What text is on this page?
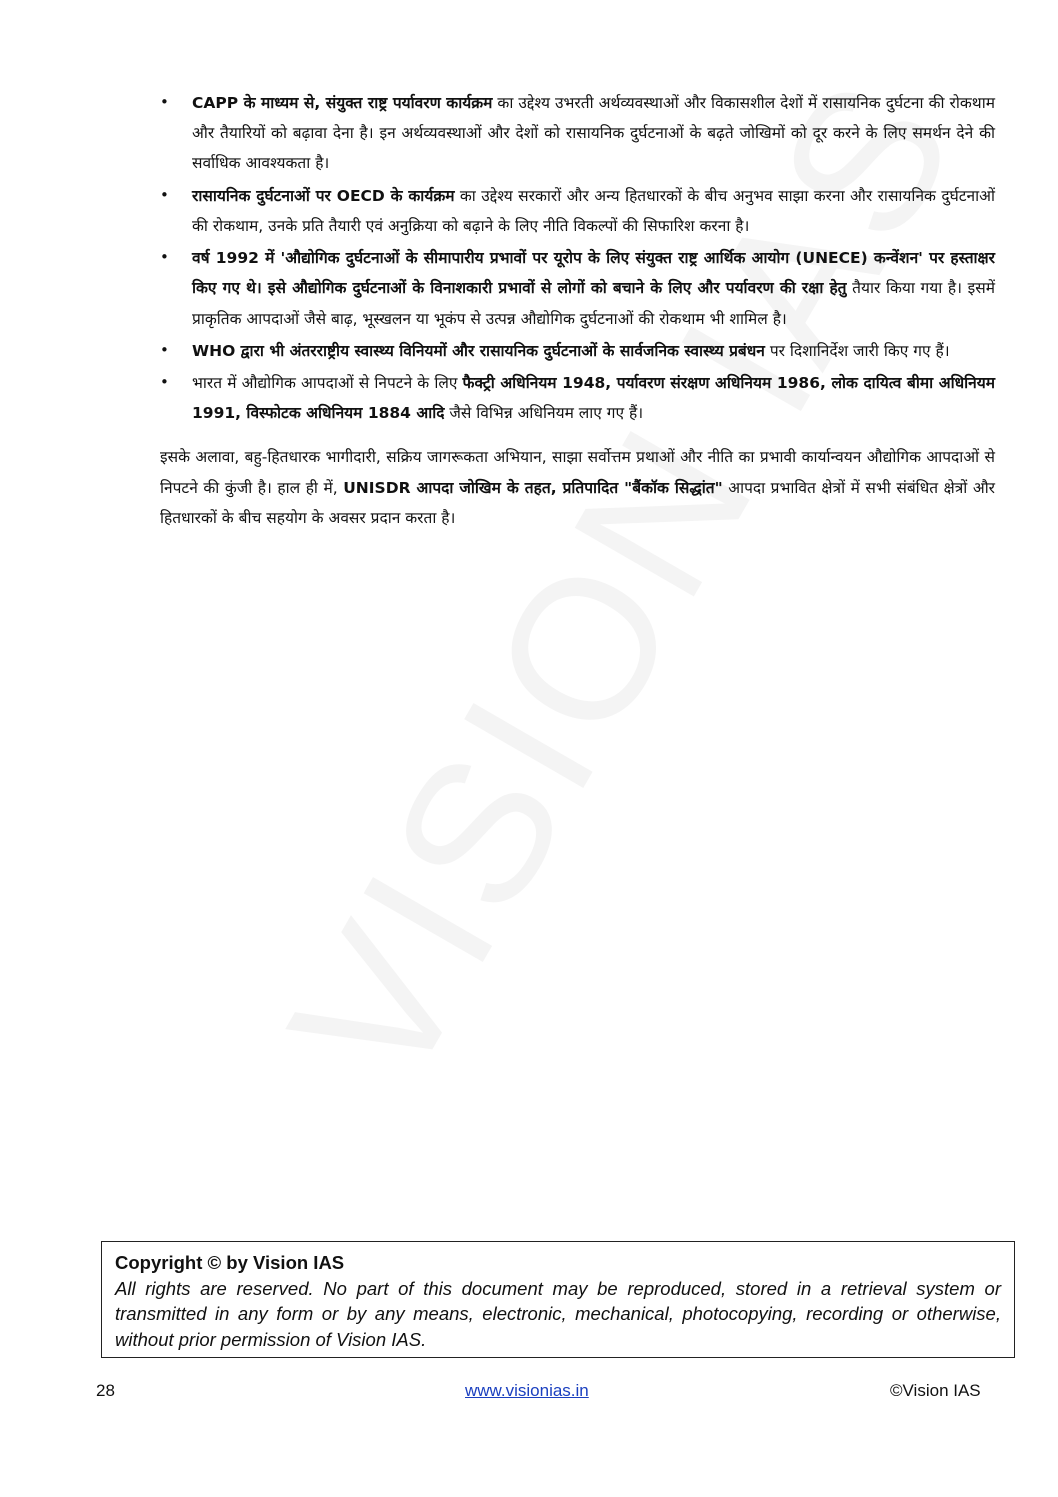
• CAPP के माध्यम से, संयुक्त राष्ट्र पर्यावरण कार्यक्रम का उद्देश्य उभरती अर्थव्यवस्थाओं और विकासशील देशों में रासायनिक दुर्घटना की रोकथाम और तैयारियों को बढ़ावा देना है। इन अर्थव्यवस्थाओं और देशों को रासायनिक दुर्घटनाओं के बढ़ते जोखिमों को दूर करने के लिए समर्थन देने की सर्वाधिक आवश्यकता है।
• रासायनिक दुर्घटनाओं पर OECD के कार्यक्रम का उद्देश्य सरकारों और अन्य हितधारकों के बीच अनुभव साझा करना और रासायनिक दुर्घटनाओं की रोकथाम, उनके प्रति तैयारी एवं अनुक्रिया को बढ़ाने के लिए नीति विकल्पों की सिफारिश करना है।
• वर्ष 1992 में 'औद्योगिक दुर्घटनाओं के सीमापारीय प्रभावों पर यूरोप के लिए संयुक्त राष्ट्र आर्थिक आयोग (UNECE) कन्वेंशन' पर हस्ताक्षर किए गए थे। इसे औद्योगिक दुर्घटनाओं के विनाशकारी प्रभावों से लोगों को बचाने के लिए और पर्यावरण की रक्षा हेतु तैयार किया गया है। इसमें प्राकृतिक आपदाओं जैसे बाढ़, भूस्खलन या भूकंप से उत्पन्न औद्योगिक दुर्घटनाओं की रोकथाम भी शामिल है।
• WHO द्वारा भी अंतरराष्ट्रीय स्वास्थ्य विनियमों और रासायनिक दुर्घटनाओं के सार्वजनिक स्वास्थ्य प्रबंधन पर दिशानिर्देश जारी किए गए हैं।
• भारत में औद्योगिक आपदाओं से निपटने के लिए फैक्ट्री अधिनियम 1948, पर्यावरण संरक्षण अधिनियम 1986, लोक दायित्व बीमा अधिनियम 1991, विस्फोटक अधिनियम 1884 आदि जैसे विभिन्न अधिनियम लाए गए हैं।

इसके अलावा, बहु-हितधारक भागीदारी, सक्रिय जागरूकता अभियान, साझा सर्वोत्तम प्रथाओं और नीति का प्रभावी कार्यान्वयन औद्योगिक आपदाओं से निपटने की कुंजी है। हाल ही में, UNISDR आपदा जोखिम के तहत, प्रतिपादित "बैंकॉक सिद्धांत" आपदा प्रभावित क्षेत्रों में सभी संबंधित क्षेत्रों और हितधारकों के बीच सहयोग के अवसर प्रदान करता है।

Copyright © by Vision IAS
All rights are reserved. No part of this document may be reproduced, stored in a retrieval system or transmitted in any form or by any means, electronic, mechanical, photocopying, recording or otherwise, without prior permission of Vision IAS.
28	www.visionias.in	©Vision IAS
